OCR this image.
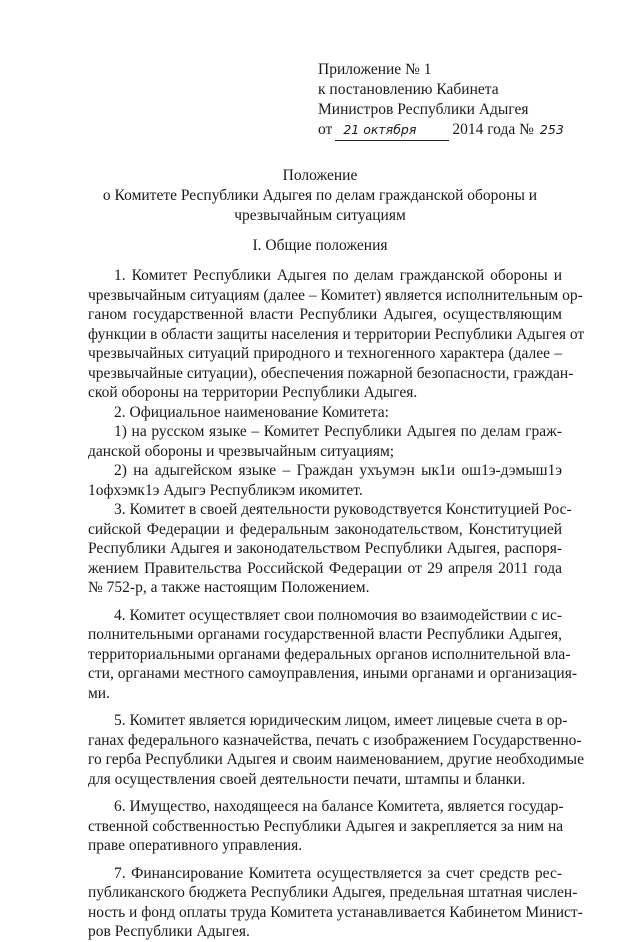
Приложение № 1
к постановлению Кабинета
Министров Республики Адыгея
от 21 октября 2014 года № 253
Положение
о Комитете Республики Адыгея по делам гражданской обороны и
чрезвычайным ситуациям
I. Общие положения
1. Комитет Республики Адыгея по делам гражданской обороны и
чрезвычайным ситуациям (далее – Комитет) является исполнительным ор-
ганом государственной власти Республики Адыгея, осуществляющим
функции в области защиты населения и территории Республики Адыгея от
чрезвычайных ситуаций природного и техногенного характера (далее –
чрезвычайные ситуации), обеспечения пожарной безопасности, граждан-
ской обороны на территории Республики Адыгея.
2. Официальное наименование Комитета:
1) на русском языке – Комитет Республики Адыгея по делам граж-
данской обороны и чрезвычайным ситуациям;
2) на адыгейском языке – Граждан ухъумэн ык1и ош1э-дэмыш1э
1офхэмк1э Адыгэ Республикэм икомитет.
3. Комитет в своей деятельности руководствуется Конституцией Рос-
сийской Федерации и федеральным законодательством, Конституцией
Республики Адыгея и законодательством Республики Адыгея, распоря-
жением Правительства Российской Федерации от 29 апреля 2011 года
№ 752-р, а также настоящим Положением.
4. Комитет осуществляет свои полномочия во взаимодействии с ис-
полнительными органами государственной власти Республики Адыгея,
территориальными органами федеральных органов исполнительной вла-
сти, органами местного самоуправления, иными органами и организация-
ми.
5. Комитет является юридическим лицом, имеет лицевые счета в ор-
ганах федерального казначейства, печать с изображением Государственно-
го герба Республики Адыгея и своим наименованием, другие необходимые
для осуществления своей деятельности печати, штампы и бланки.
6. Имущество, находящееся на балансе Комитета, является государ-
ственной собственностью Республики Адыгея и закрепляется за ним на
праве оперативного управления.
7. Финансирование Комитета осуществляется за счет средств рес-
публиканского бюджета Республики Адыгея, предельная штатная числен-
ность и фонд оплаты труда Комитета устанавливается Кабинетом Минист-
ров Республики Адыгея.
